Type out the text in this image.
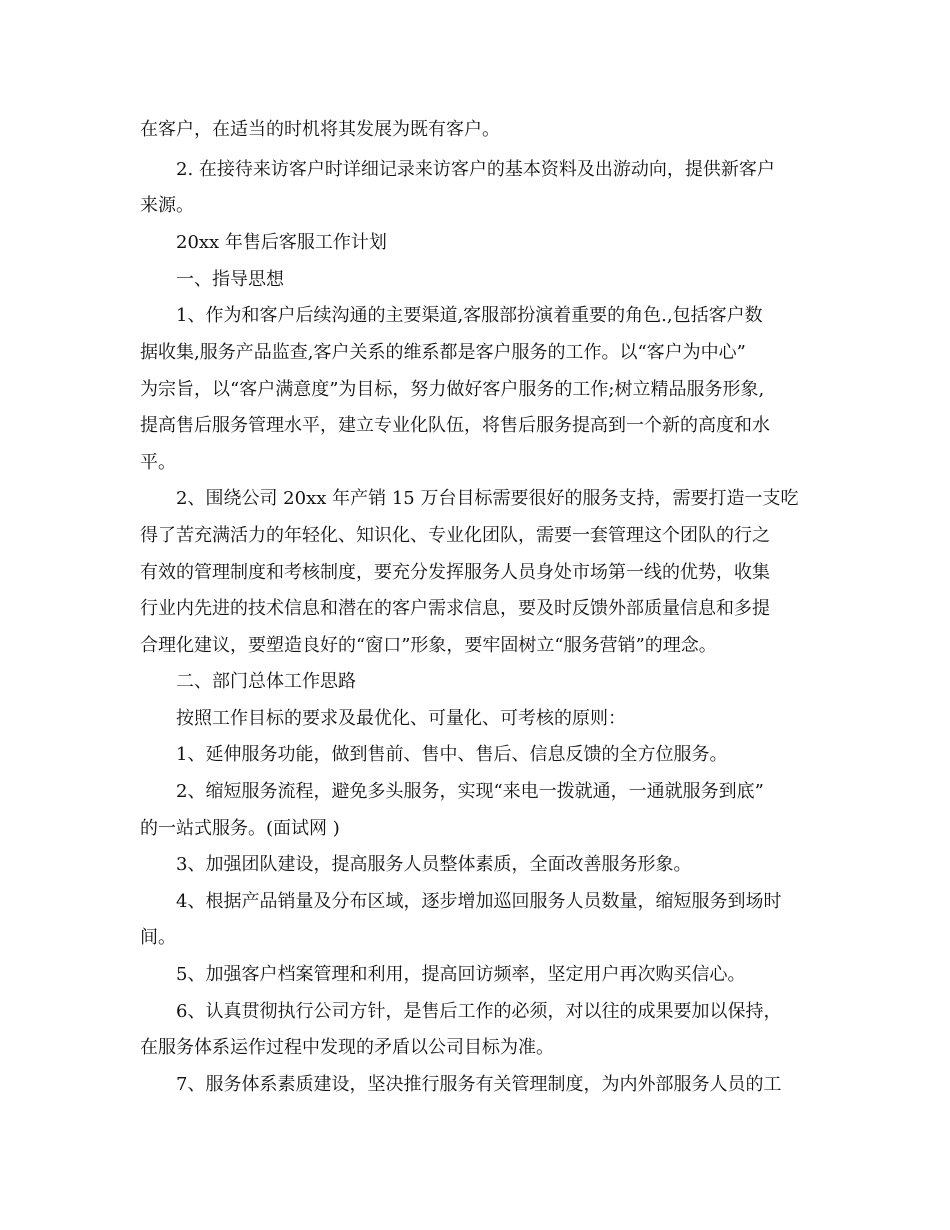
在客户，在适当的时机将其发展为既有客户。
2. 在接待来访客户时详细记录来访客户的基本资料及出游动向，提供新客户
来源。
20xx 年售后客服工作计划
一、指导思想
1、作为和客户后续沟通的主要渠道,客服部扮演着重要的角色.,包括客户数
据收集,服务产品监查,客户关系的维系都是客户服务的工作。以“客户为中心”
为宗旨，以“客户满意度”为目标，努力做好客户服务的工作;树立精品服务形象,
提高售后服务管理水平，建立专业化队伍，将售后服务提高到一个新的高度和水
平。
2、围绕公司 20xx 年产销 15 万台目标需要很好的服务支持，需要打造一支吃
得了苦充满活力的年轻化、知识化、专业化团队，需要一套管理这个团队的行之
有效的管理制度和考核制度，要充分发挥服务人员身处市场第一线的优势，收集
行业内先进的技术信息和潜在的客户需求信息，要及时反馈外部质量信息和多提
合理化建议，要塑造良好的“窗口”形象，要牢固树立“服务营销”的理念。
二、部门总体工作思路
按照工作目标的要求及最优化、可量化、可考核的原则：
1、延伸服务功能，做到售前、售中、售后、信息反馈的全方位服务。
2、缩短服务流程，避免多头服务，实现“来电一拨就通，一通就服务到底”
的一站式服务。(面试网 )
3、加强团队建设，提高服务人员整体素质，全面改善服务形象。
4、根据产品销量及分布区域，逐步增加巡回服务人员数量，缩短服务到场时
间。
5、加强客户档案管理和利用，提高回访频率，坚定用户再次购买信心。
6、认真贯彻执行公司方针，是售后工作的必须，对以往的成果要加以保持，
在服务体系运作过程中发现的矛盾以公司目标为准。
7、服务体系素质建设，坚决推行服务有关管理制度，为内外部服务人员的工
